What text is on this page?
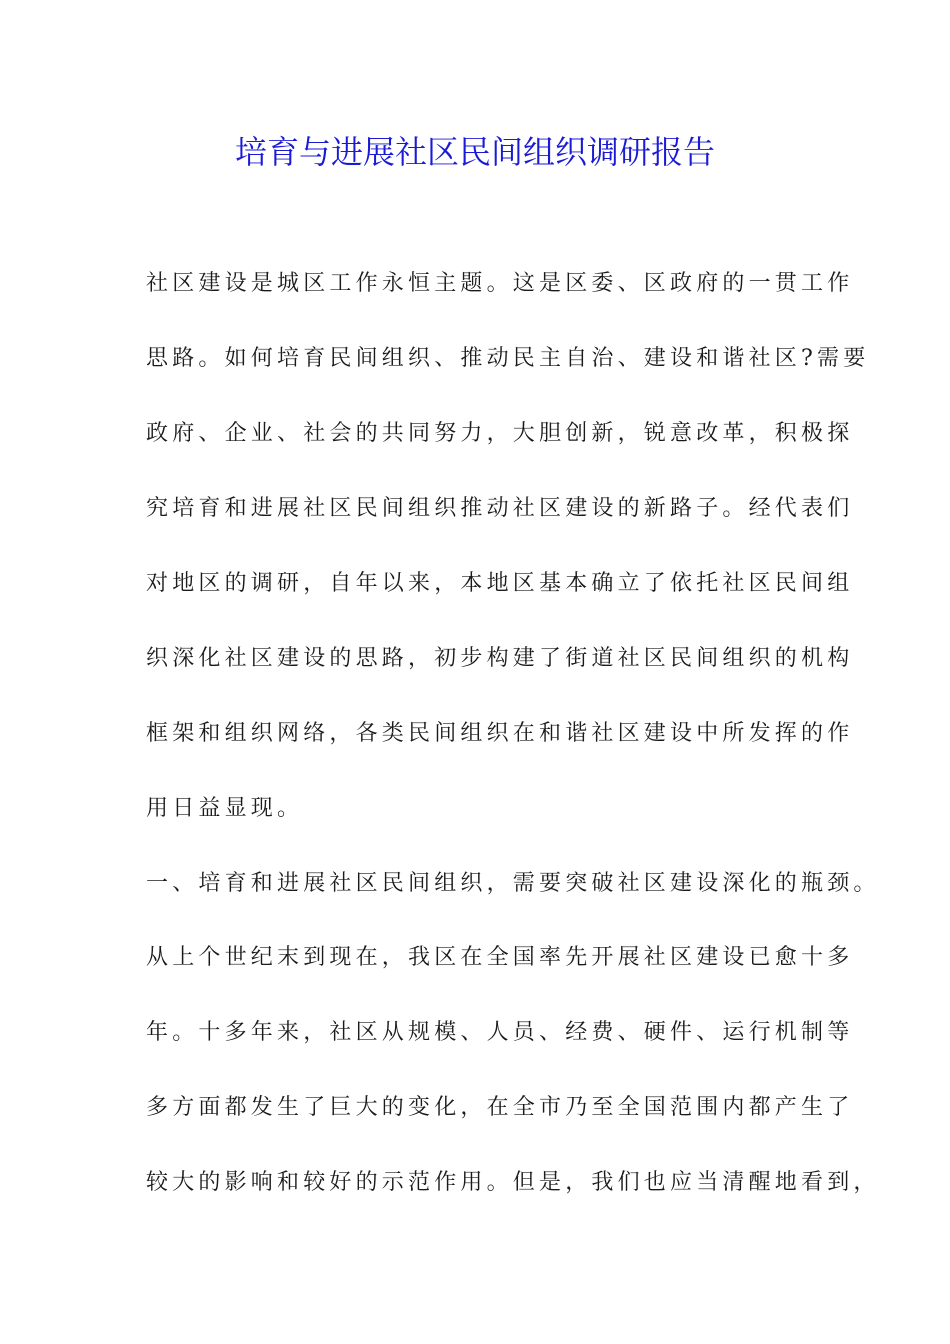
培育与进展社区民间组织调研报告
社区建设是城区工作永恒主题。这是区委、区政府的一贯工作
思路。如何培育民间组织、推动民主自治、建设和谐社区?需要
政府、企业、社会的共同努力，大胆创新，锐意改革，积极探
究培育和进展社区民间组织推动社区建设的新路子。经代表们
对地区的调研，自年以来，本地区基本确立了依托社区民间组
织深化社区建设的思路，初步构建了街道社区民间组织的机构
框架和组织网络，各类民间组织在和谐社区建设中所发挥的作
用日益显现。
一、培育和进展社区民间组织，需要突破社区建设深化的瓶颈。
从上个世纪末到现在，我区在全国率先开展社区建设已愈十多
年。十多年来，社区从规模、人员、经费、硬件、运行机制等
多方面都发生了巨大的变化，在全市乃至全国范围内都产生了
较大的影响和较好的示范作用。但是，我们也应当清醒地看到，
